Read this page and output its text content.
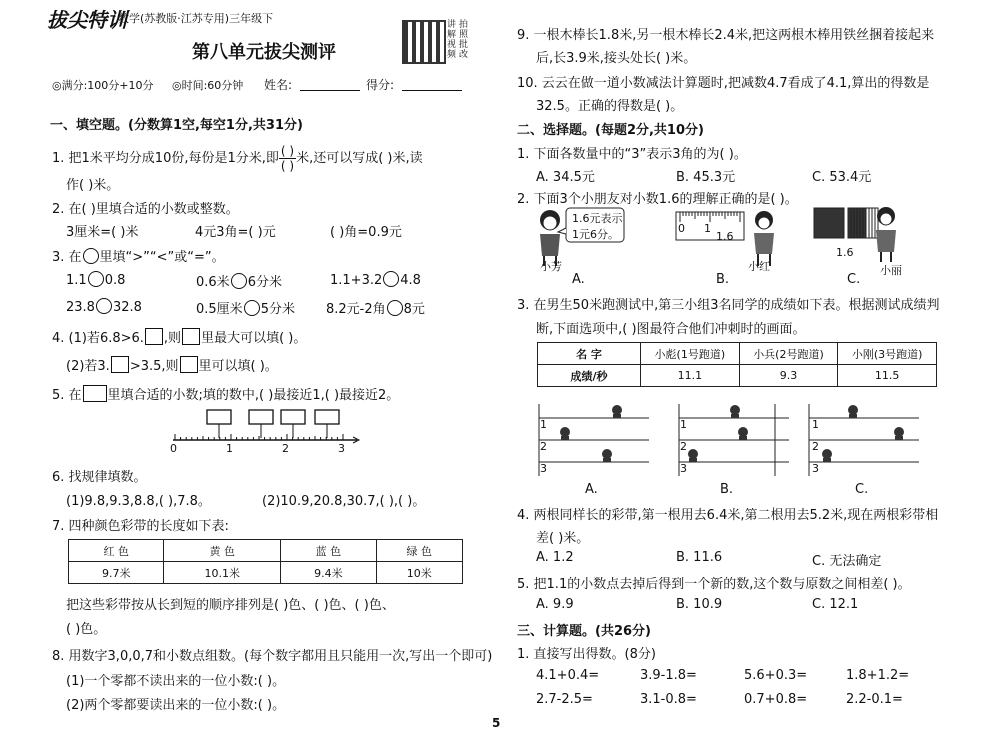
拔尖特训
数学(苏教版·江苏专用)三年级下	讲解视频
拍照批改
第八单元拔尖测评
◎满分:100分+10分 ◎时间:60分钟 姓名:	得分:
一、填空题。(分数算1空,每空1分,共31分)
1. 把1米平均分成10份,每份是1分米,即 $\frac{( )}{( )}$ 米,还可以写成( )米,读
作( )米。
2. 在( )里填合适的小数或整数。
3厘米=( )米	4元3角=( )元	( )角=0.9元
3. 在 里填“>”“<”或“=”。
1.1 0.8	0.6米 6分米	1.1+3.2 4.8
23.8 32.8	0.5厘米 5分米 8.2元-2角 8元
4. (1)若6.8>6. ,则 里最大可以填( )。
(2)若3. >3.5,则 里可以填( )。
5. 在 里填合适的小数;填的数中,( )最接近1,( )最接近2。
0	1	2	3
6. 找规律填数。
(1)9.8,9.3,8.8,( ),7.8。	(2)10.9,20.8,30.7,( ),( )。
7. 四种颜色彩带的长度如下表:
红 色	黄 色	蓝 色	绿 色
9.7米	10.1米	9.4米	10米
把这些彩带按从长到短的顺序排列是( )色、( )色、( )色、
( )色。
8. 用数字3,0,0,7和小数点组数。(每个数字都用且只能用一次,写出一个即可)
(1)一个零都不读出来的一位小数:( )。
(2)两个零都要读出来的一位小数:( )。
9. 一根木棒长1.8米,另一根木棒长2.4米,把这两根木棒用铁丝捆着接起来
后,长3.9米,接头处长( )米。
10. 云云在做一道小数减法计算题时,把减数4.7看成了4.1,算出的得数是
32.5。正确的得数是( )。
二、选择题。(每题2分,共10分)
1. 下面各数量中的“3”表示3角的为( )。
A. 34.5元	B. 45.3元	C. 53.4元
2. 下面3个小朋友对小数1.6的理解正确的是( )。
1.6元表示
1元6分。
小芳
0 1
1.6
小红
1.6
小丽
A.	B.	C.
3. 在男生50米跑测试中,第三小组3名同学的成绩如下表。根据测试成绩判
断,下面选项中,( )图最符合他们冲刺时的画面。
名 字	小彪(1号跑道)	小兵(2号跑道)	小刚(3号跑道)
成绩/秒	11.1	9.3	11.5
1
2
3
1
2
3
1
2
3
A.	B.	C.
4. 两根同样长的彩带,第一根用去6.4米,第二根用去5.2米,现在两根彩带相
差( )米。
A. 1.2	B. 11.6	C. 无法确定
5. 把1.1的小数点去掉后得到一个新的数,这个数与原数之间相差( )。
A. 9.9	B. 10.9	C. 12.1
三、计算题。(共26分)
1. 直接写出得数。(8分)
4.1+0.4=	3.9-1.8=	5.6+0.3=	1.8+1.2=
2.7-2.5=	3.1-0.8=	0.7+0.8=	2.2-0.1=
5
